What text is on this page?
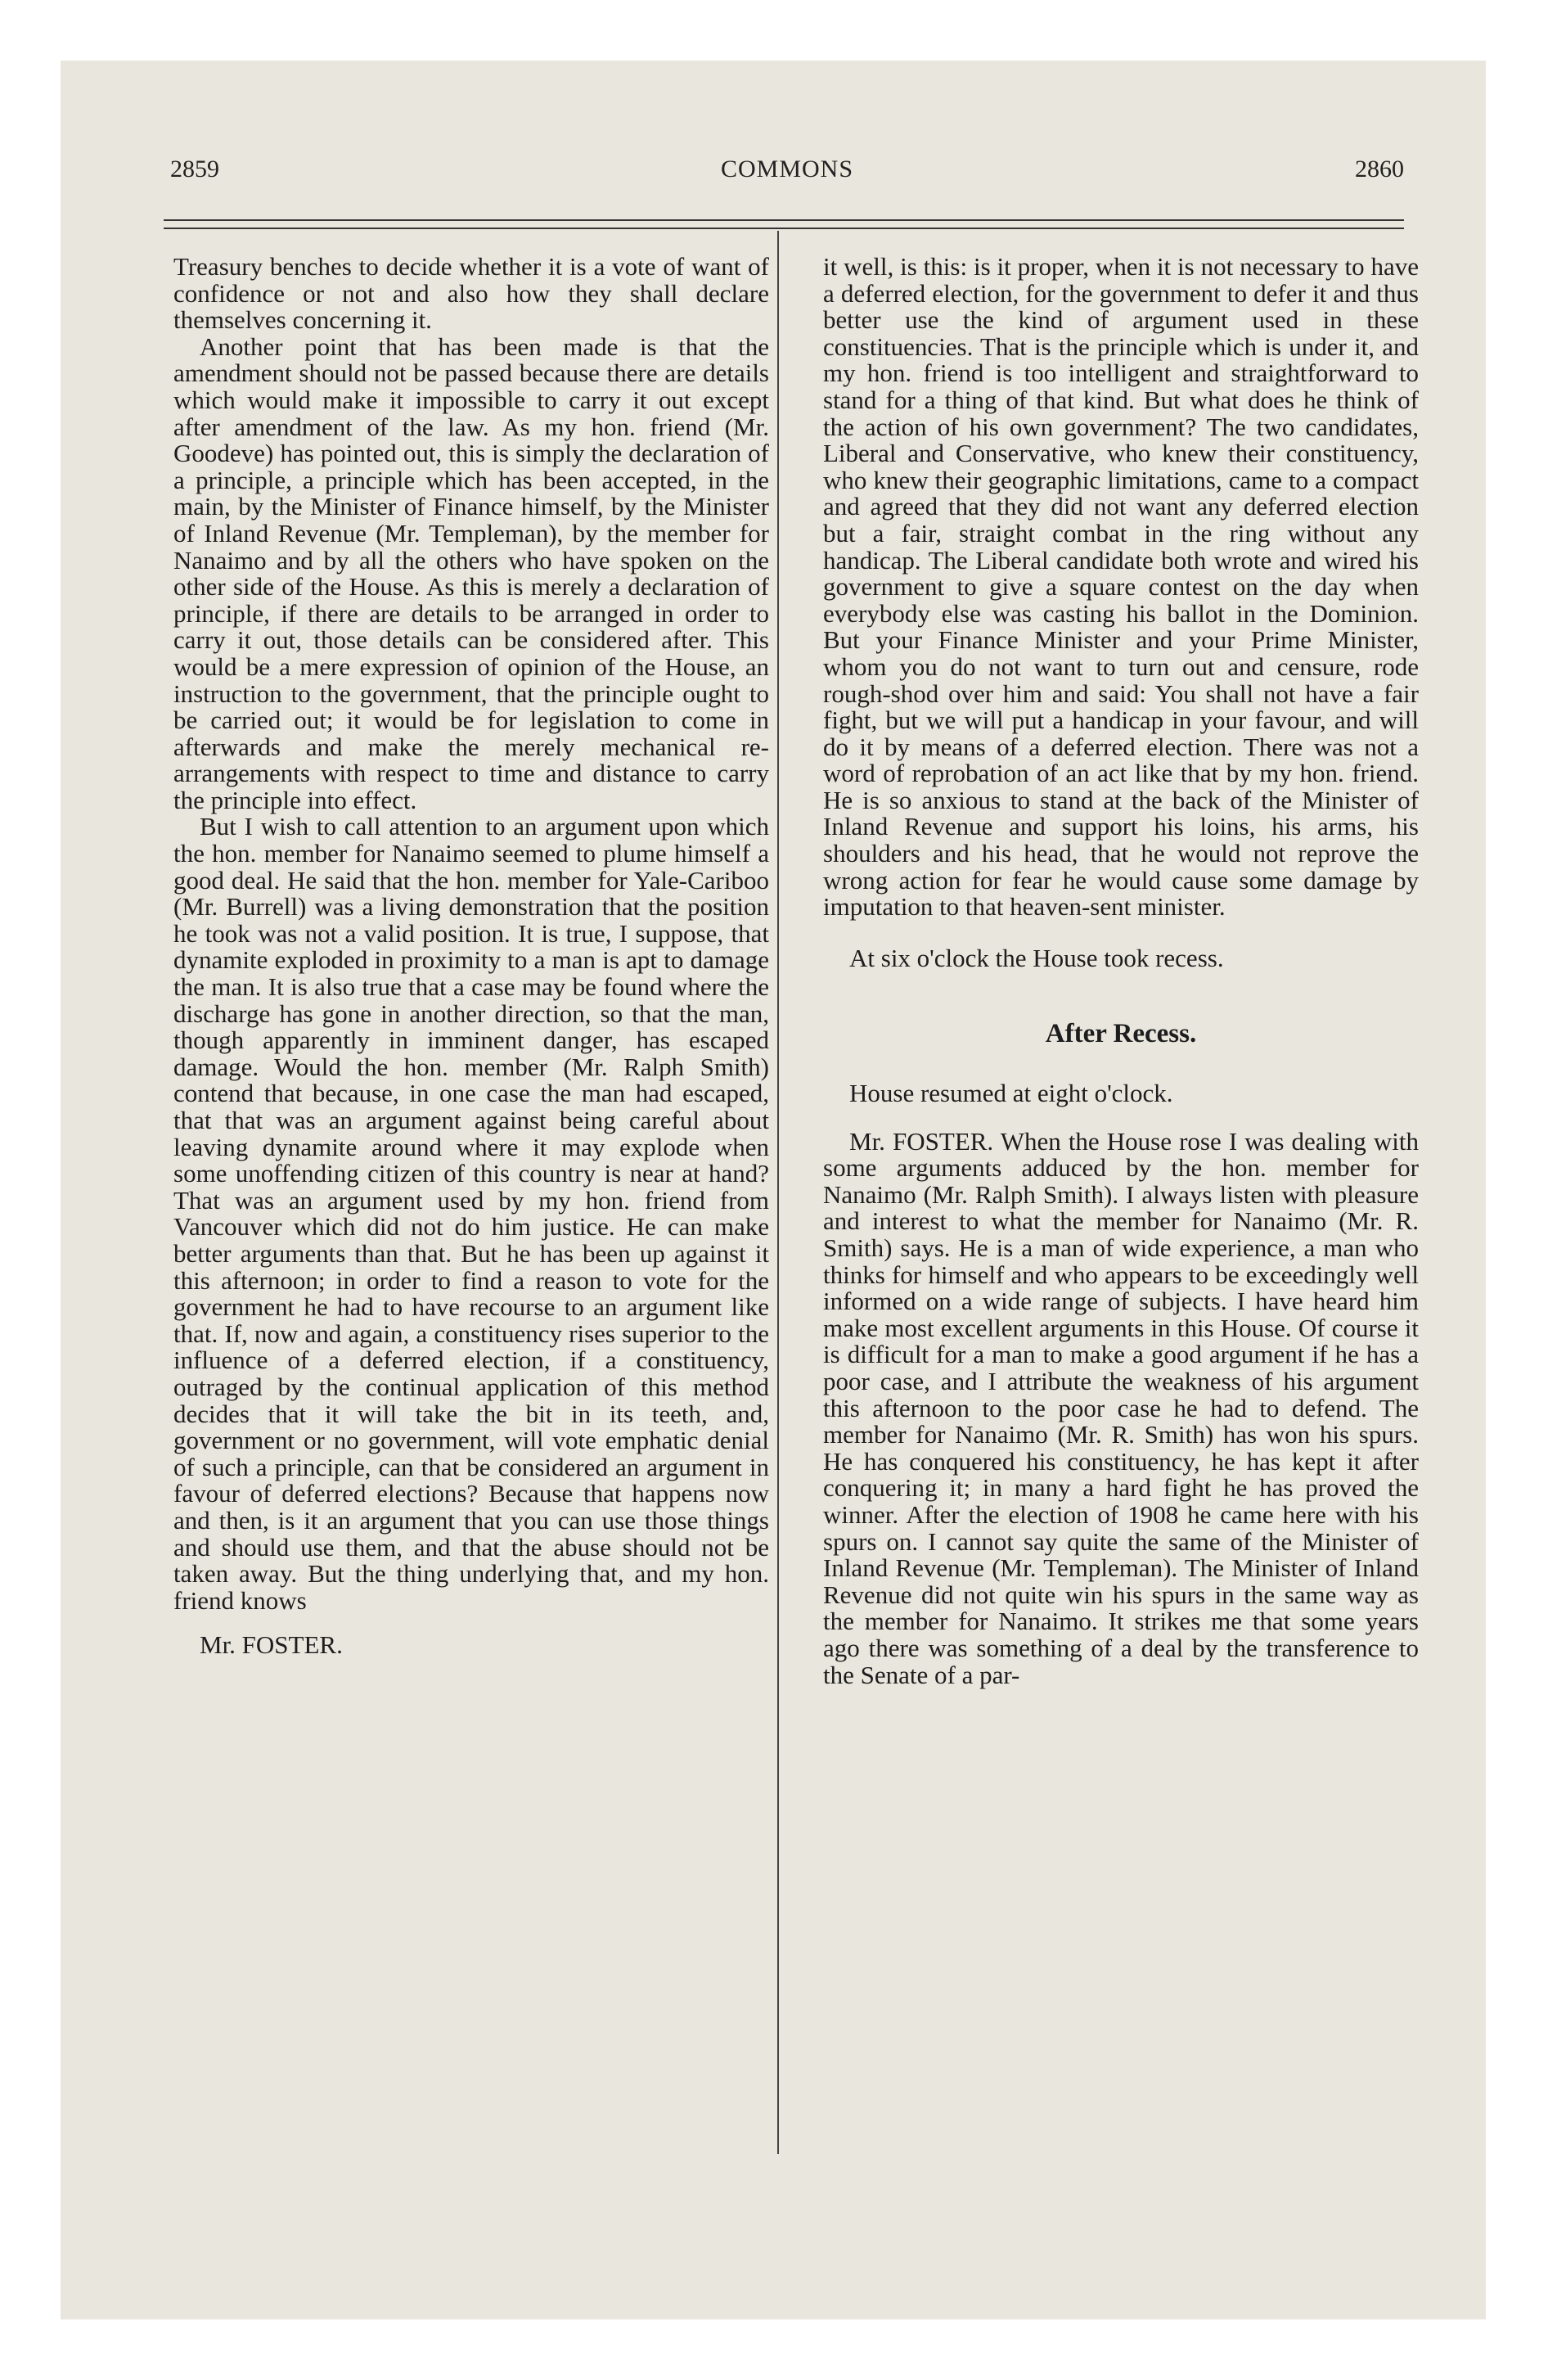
2859	COMMONS	2860

Treasury benches to decide whether it is a vote of want of confidence or not and also how they shall declare themselves concerning it.

Another point that has been made is that the amendment should not be passed because there are details which would make it impossible to carry it out except after amendment of the law. As my hon. friend (Mr. Goodeve) has pointed out, this is simply the declaration of a principle, a principle which has been accepted, in the main, by the Minister of Finance himself, by the Minister of Inland Revenue (Mr. Templeman), by the member for Nanaimo and by all the others who have spoken on the other side of the House. As this is merely a declaration of principle, if there are details to be arranged in order to carry it out, those details can be considered after. This would be a mere expression of opinion of the House, an instruction to the government, that the principle ought to be carried out; it would be for legislation to come in afterwards and make the merely mechanical re-arrangements with respect to time and distance to carry the principle into effect.

But I wish to call attention to an argument upon which the hon. member for Nanaimo seemed to plume himself a good deal. He said that the hon. member for Yale-Cariboo (Mr. Burrell) was a living demonstration that the position he took was not a valid position. It is true, I suppose, that dynamite exploded in proximity to a man is apt to damage the man. It is also true that a case may be found where the discharge has gone in another direction, so that the man, though apparently in imminent danger, has escaped damage. Would the hon. member (Mr. Ralph Smith) contend that because, in one case the man had escaped, that that was an argument against being careful about leaving dynamite around where it may explode when some unoffending citizen of this country is near at hand? That was an argument used by my hon. friend from Vancouver which did not do him justice. He can make better arguments than that. But he has been up against it this afternoon; in order to find a reason to vote for the government he had to have recourse to an argument like that. If, now and again, a constituency rises superior to the influence of a deferred election, if a constituency, outraged by the continual application of this method decides that it will take the bit in its teeth, and, government or no government, will vote emphatic denial of such a principle, can that be considered an argument in favour of deferred elections? Because that happens now and then, is it an argument that you can use those things and should use them, and that the abuse should not be taken away. But the thing underlying that, and my hon. friend knows

Mr. FOSTER.

it well, is this: is it proper, when it is not necessary to have a deferred election, for the government to defer it and thus better use the kind of argument used in these constituencies. That is the principle which is under it, and my hon. friend is too intelligent and straightforward to stand for a thing of that kind. But what does he think of the action of his own government? The two candidates, Liberal and Conservative, who knew their constituency, who knew their geographic limitations, came to a compact and agreed that they did not want any deferred election but a fair, straight combat in the ring without any handicap. The Liberal candidate both wrote and wired his government to give a square contest on the day when everybody else was casting his ballot in the Dominion. But your Finance Minister and your Prime Minister, whom you do not want to turn out and censure, rode rough-shod over him and said: You shall not have a fair fight, but we will put a handicap in your favour, and will do it by means of a deferred election. There was not a word of reprobation of an act like that by my hon. friend. He is so anxious to stand at the back of the Minister of Inland Revenue and support his loins, his arms, his shoulders and his head, that he would not reprove the wrong action for fear he would cause some damage by imputation to that heaven-sent minister.

At six o'clock the House took recess.

After Recess.

House resumed at eight o'clock.

Mr. FOSTER. When the House rose I was dealing with some arguments adduced by the hon. member for Nanaimo (Mr. Ralph Smith). I always listen with pleasure and interest to what the member for Nanaimo (Mr. R. Smith) says. He is a man of wide experience, a man who thinks for himself and who appears to be exceedingly well informed on a wide range of subjects. I have heard him make most excellent arguments in this House. Of course it is difficult for a man to make a good argument if he has a poor case, and I attribute the weakness of his argument this afternoon to the poor case he had to defend. The member for Nanaimo (Mr. R. Smith) has won his spurs. He has conquered his constituency, he has kept it after conquering it; in many a hard fight he has proved the winner. After the election of 1908 he came here with his spurs on. I cannot say quite the same of the Minister of Inland Revenue (Mr. Templeman). The Minister of Inland Revenue did not quite win his spurs in the same way as the member for Nanaimo. It strikes me that some years ago there was something of a deal by the transference to the Senate of a par-
